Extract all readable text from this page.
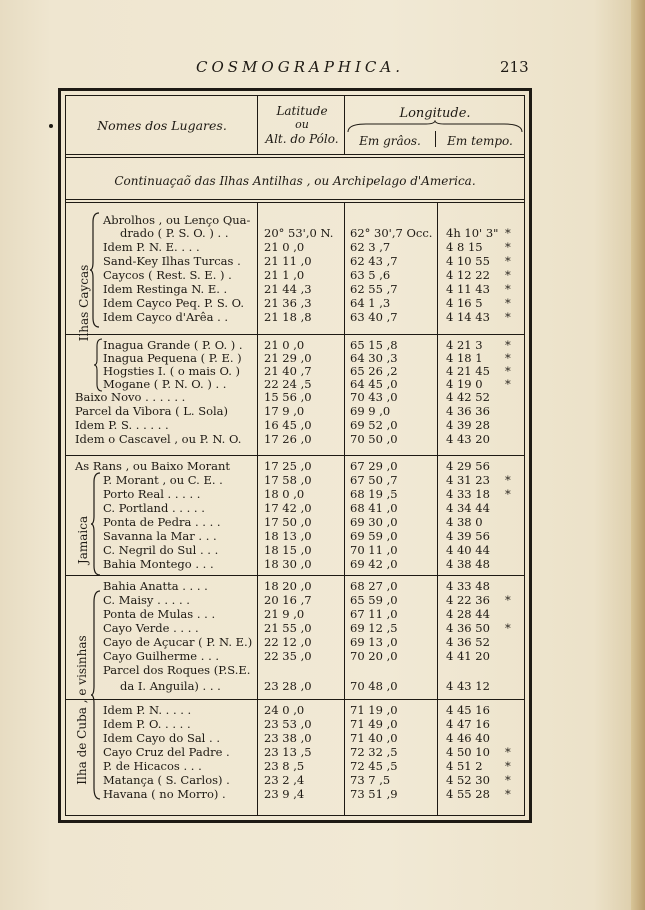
COSMOGRAPHICA.	213
Nomes dos Lugares.
Latitude
ou
Alt. do Pólo.
Longitude.
Em grâos.	Em tempo.
Continuaçaõ das Ilhas Antilhas , ou Archipelago d'America.
Ilhas Caycas
Jamaica
Ilha de Cuba , e visinhas
Abrolhos , ou Lenço Qua-
drado ( P. S. O. ) . .	20° 53',0 N.	62° 30',7 Occ. 4h 10' 3" *
Idem P. N. E. . . .	21 0 ,0	62 3 ,7	4 8 15	*
Sand-Key Ilhas Turcas . 21 11 ,0	62 43 ,7	4 10 55	*
Caycos ( Rest. S. E. ) .	21 1 ,0	63 5 ,6	4 12 22	*
Idem Restinga N. E. .	21 44 ,3	62 55 ,7	4 11 43	*
Idem Cayco Peq. P. S. O. 21 36 ,3	64 1 ,3	4 16 5	*
Idem Cayco d'Arêa . .	21 18 ,8	63 40 ,7	4 14 43	*
Inagua Grande ( P. O. ) . 21 0 ,0	65 15 ,8	4 21 3	*
Inagua Pequena ( P. E. ) 21 29 ,0	64 30 ,3	4 18 1	*
Hogsties I. ( o mais O. ) 21 40 ,7	65 26 ,2	4 21 45	*
Mogane ( P. N. O. ) . .	22 24 ,5	64 45 ,0	4 19 0	*
Baixo Novo . . . . . .	15 56 ,0	70 43 ,0	4 42 52
Parcel da Vibora ( L. Sola)	17 9 ,0	69 9 ,0	4 36 36
Idem P. S. . . . . .	16 45 ,0	69 52 ,0	4 39 28
Idem o Cascavel , ou P. N. O. 17 26 ,0	70 50 ,0	4 43 20
As Rans , ou Baixo Morant	17 25 ,0	67 29 ,0	4 29 56
P. Morant , ou C. E. .	17 58 ,0	67 50 ,7	4 31 23	*
Porto Real . . . . .	18 0 ,0	68 19 ,5	4 33 18	*
C. Portland . . . . .	17 42 ,0	68 41 ,0	4 34 44
Ponta de Pedra . . . .	17 50 ,0	69 30 ,0	4 38 0
Savanna la Mar . . .	18 13 ,0	69 59 ,0	4 39 56
C. Negril do Sul . . .	18 15 ,0	70 11 ,0	4 40 44
Bahia Montego . . .	18 30 ,0	69 42 ,0	4 38 48
Bahia Anatta . . . .	18 20 ,0	68 27 ,0	4 33 48
C. Maisy . . . . .	20 16 ,7	65 59 ,0	4 22 36	*
Ponta de Mulas . . .	21 9 ,0	67 11 ,0	4 28 44
Cayo Verde . . . .	21 55 ,0	69 12 ,5	4 36 50	*
Cayo de Açucar ( P. N. E.) 22 12 ,0	69 13 ,0	4 36 52
Cayo Guilherme . . .	22 35 ,0	70 20 ,0	4 41 20
Parcel dos Roques (P.S.E.
da I. Anguila) . . .	23 28 ,0	70 48 ,0	4 43 12
Idem P. N. . . . .	24 0 ,0	71 19 ,0	4 45 16
Idem P. O. . . . .	23 53 ,0	71 49 ,0	4 47 16
Idem Cayo do Sal . .	23 38 ,0	71 40 ,0	4 46 40
Cayo Cruz del Padre .	23 13 ,5	72 32 ,5	4 50 10	*
P. de Hicacos . . .	23 8 ,5	72 45 ,5	4 51 2	*
Matança ( S. Carlos) .	23 2 ,4	73 7 ,5	4 52 30	*
Havana ( no Morro) .	23 9 ,4	73 51 ,9	4 55 28	*
